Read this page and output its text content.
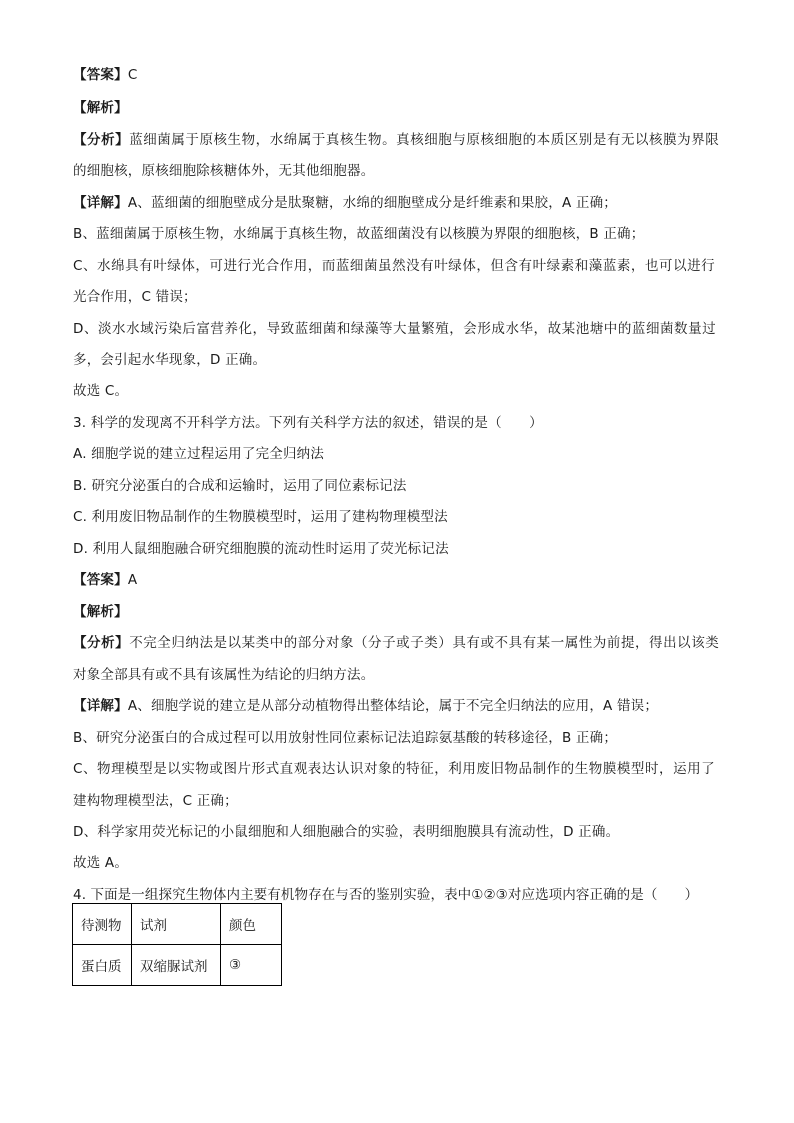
【答案】C
【解析】
【分析】蓝细菌属于原核生物，水绵属于真核生物。真核细胞与原核细胞的本质区别是有无以核膜为界限
的细胞核，原核细胞除核糖体外，无其他细胞器。
【详解】A、蓝细菌的细胞壁成分是肽聚糖，水绵的细胞壁成分是纤维素和果胶，A 正确；
B、蓝细菌属于原核生物，水绵属于真核生物，故蓝细菌没有以核膜为界限的细胞核，B 正确；
C、水绵具有叶绿体，可进行光合作用，而蓝细菌虽然没有叶绿体，但含有叶绿素和藻蓝素，也可以进行
光合作用，C 错误；
D、淡水水域污染后富营养化，导致蓝细菌和绿藻等大量繁殖，会形成水华，故某池塘中的蓝细菌数量过
多，会引起水华现象，D 正确。
故选 C。
3. 科学的发现离不开科学方法。下列有关科学方法的叙述，错误的是（　　）
A. 细胞学说的建立过程运用了完全归纳法
B. 研究分泌蛋白的合成和运输时，运用了同位素标记法
C. 利用废旧物品制作的生物膜模型时，运用了建构物理模型法
D. 利用人鼠细胞融合研究细胞膜的流动性时运用了荧光标记法
【答案】A
【解析】
【分析】不完全归纳法是以某类中的部分对象（分子或子类）具有或不具有某一属性为前提，得出以该类
对象全部具有或不具有该属性为结论的归纳方法。
【详解】A、细胞学说的建立是从部分动植物得出整体结论，属于不完全归纳法的应用，A 错误；
B、研究分泌蛋白的合成过程可以用放射性同位素标记法追踪氨基酸的转移途径，B 正确；
C、物理模型是以实物或图片形式直观表达认识对象的特征，利用废旧物品制作的生物膜模型时，运用了
建构物理模型法，C 正确；
D、科学家用荧光标记的小鼠细胞和人细胞融合的实验，表明细胞膜具有流动性，D 正确。
故选 A。
4. 下面是一组探究生物体内主要有机物存在与否的鉴别实验，表中①②③对应选项内容正确的是（　　）
待测物	试剂	颜色
蛋白质	双缩脲试剂	③
